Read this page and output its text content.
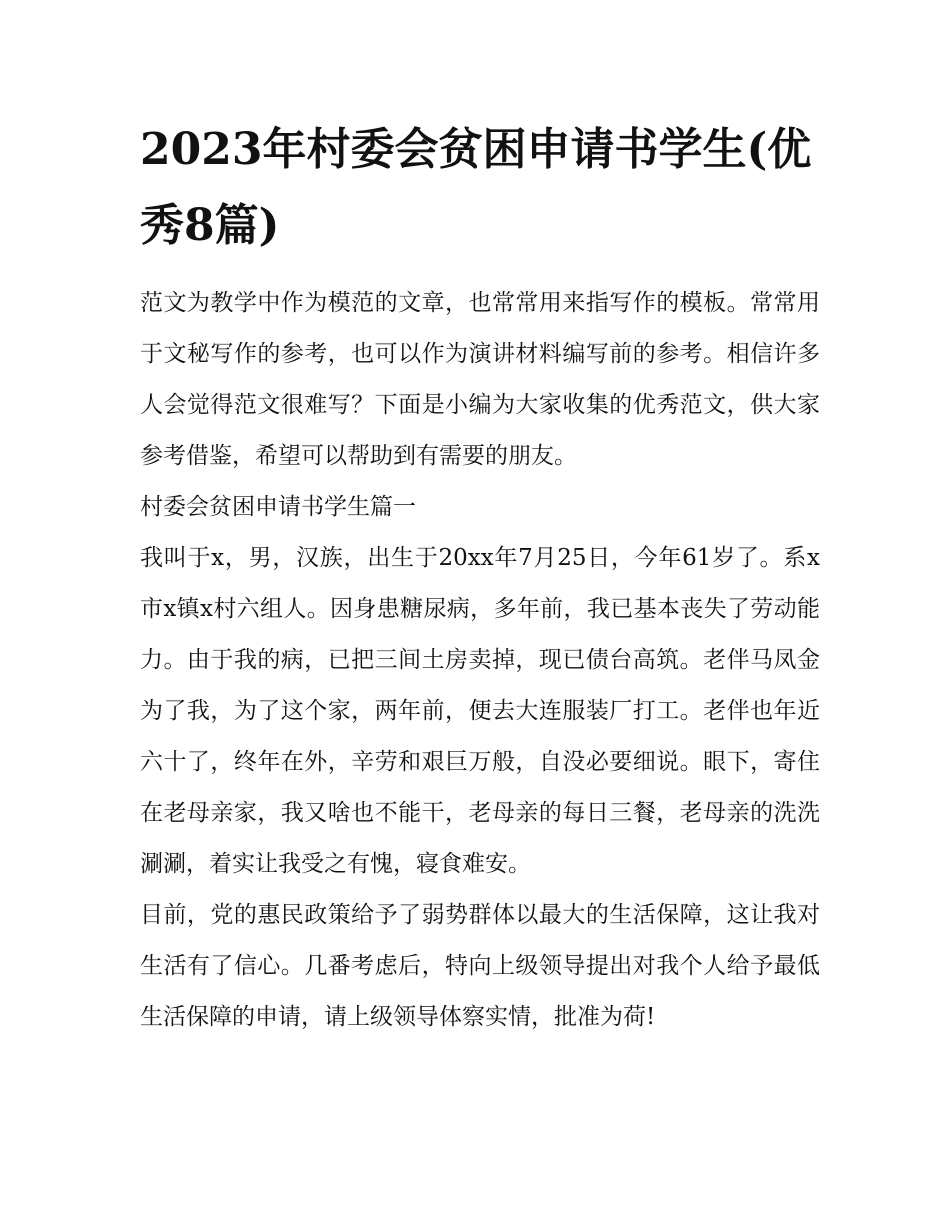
2023年村委会贫困申请书学生(优秀8篇)

范文为教学中作为模范的文章，也常常用来指写作的模板。常常用于文秘写作的参考，也可以作为演讲材料编写前的参考。相信许多人会觉得范文很难写？下面是小编为大家收集的优秀范文，供大家参考借鉴，希望可以帮助到有需要的朋友。

村委会贫困申请书学生篇一

我叫于x，男，汉族，出生于20xx年7月25日，今年61岁了。系x市x镇x村六组人。因身患糖尿病，多年前，我已基本丧失了劳动能力。由于我的病，已把三间土房卖掉，现已债台高筑。老伴马凤金为了我，为了这个家，两年前，便去大连服装厂打工。老伴也年近六十了，终年在外，辛劳和艰巨万般，自没必要细说。眼下，寄住在老母亲家，我又啥也不能干，老母亲的每日三餐，老母亲的洗洗涮涮，着实让我受之有愧，寝食难安。

目前，党的惠民政策给予了弱势群体以最大的生活保障，这让我对生活有了信心。几番考虑后，特向上级领导提出对我个人给予最低生活保障的申请，请上级领导体察实情，批准为荷!
